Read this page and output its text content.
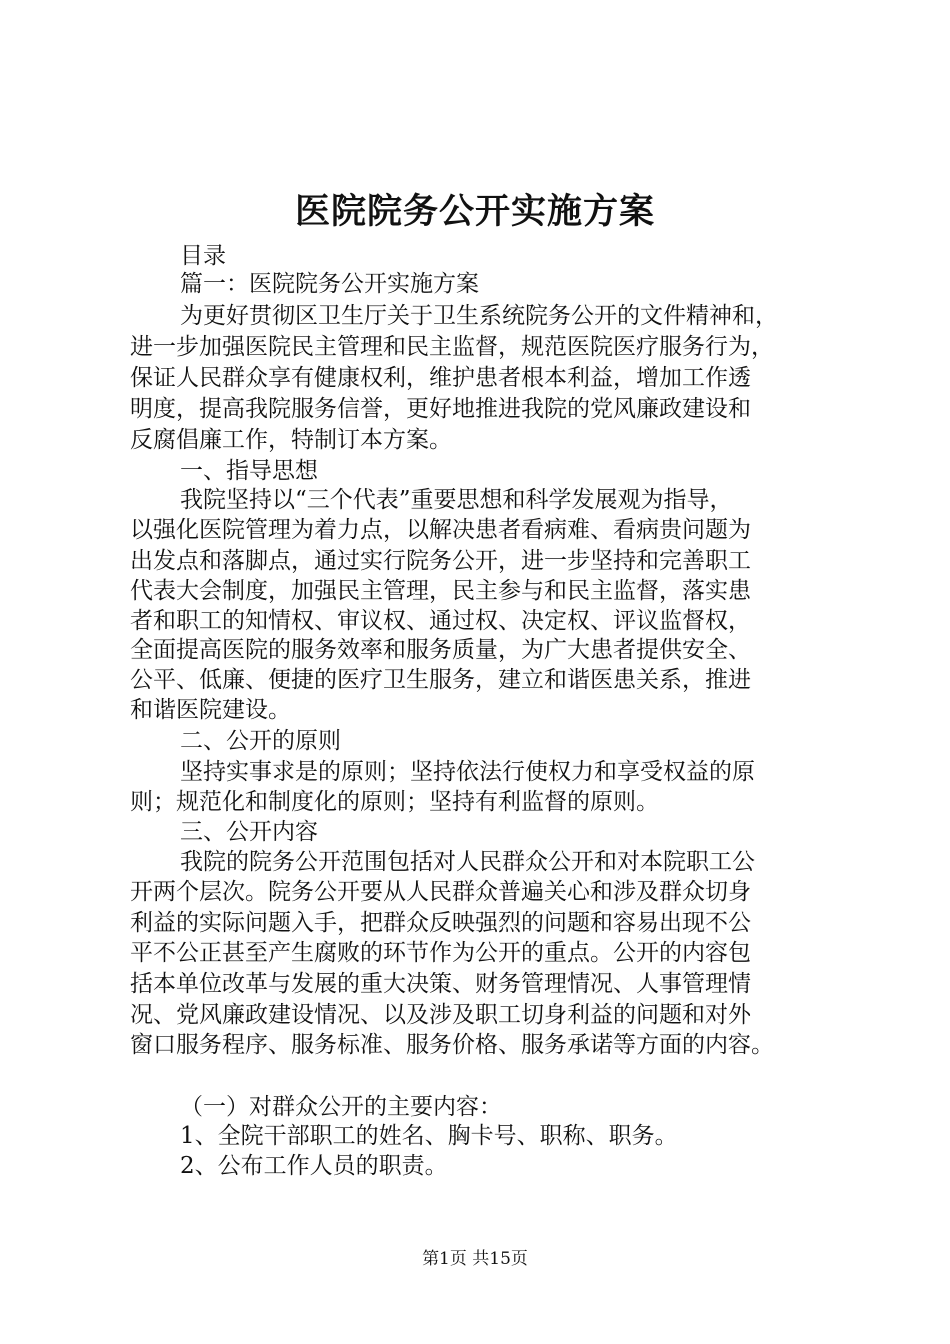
医院院务公开实施方案
目录
篇一：医院院务公开实施方案
为更好贯彻区卫生厅关于卫生系统院务公开的文件精神和，
进一步加强医院民主管理和民主监督，规范医院医疗服务行为，
保证人民群众享有健康权利，维护患者根本利益，增加工作透
明度，提高我院服务信誉，更好地推进我院的党风廉政建设和
反腐倡廉工作，特制订本方案。
一、指导思想
我院坚持以“三个代表”重要思想和科学发展观为指导，
以强化医院管理为着力点，以解决患者看病难、看病贵问题为
出发点和落脚点，通过实行院务公开，进一步坚持和完善职工
代表大会制度，加强民主管理，民主参与和民主监督，落实患
者和职工的知情权、审议权、通过权、决定权、评议监督权，
全面提高医院的服务效率和服务质量，为广大患者提供安全、
公平、低廉、便捷的医疗卫生服务，建立和谐医患关系，推进
和谐医院建设。
二、公开的原则
坚持实事求是的原则；坚持依法行使权力和享受权益的原
则；规范化和制度化的原则；坚持有利监督的原则。
三、公开内容
我院的院务公开范围包括对人民群众公开和对本院职工公
开两个层次。院务公开要从人民群众普遍关心和涉及群众切身
利益的实际问题入手，把群众反映强烈的问题和容易出现不公
平不公正甚至产生腐败的环节作为公开的重点。公开的内容包
括本单位改革与发展的重大决策、财务管理情况、人事管理情
况、党风廉政建设情况、以及涉及职工切身利益的问题和对外
窗口服务程序、服务标准、服务价格、服务承诺等方面的内容。
（一）对群众公开的主要内容：
1、全院干部职工的姓名、胸卡号、职称、职务。
2、公布工作人员的职责。
第1页 共15页
